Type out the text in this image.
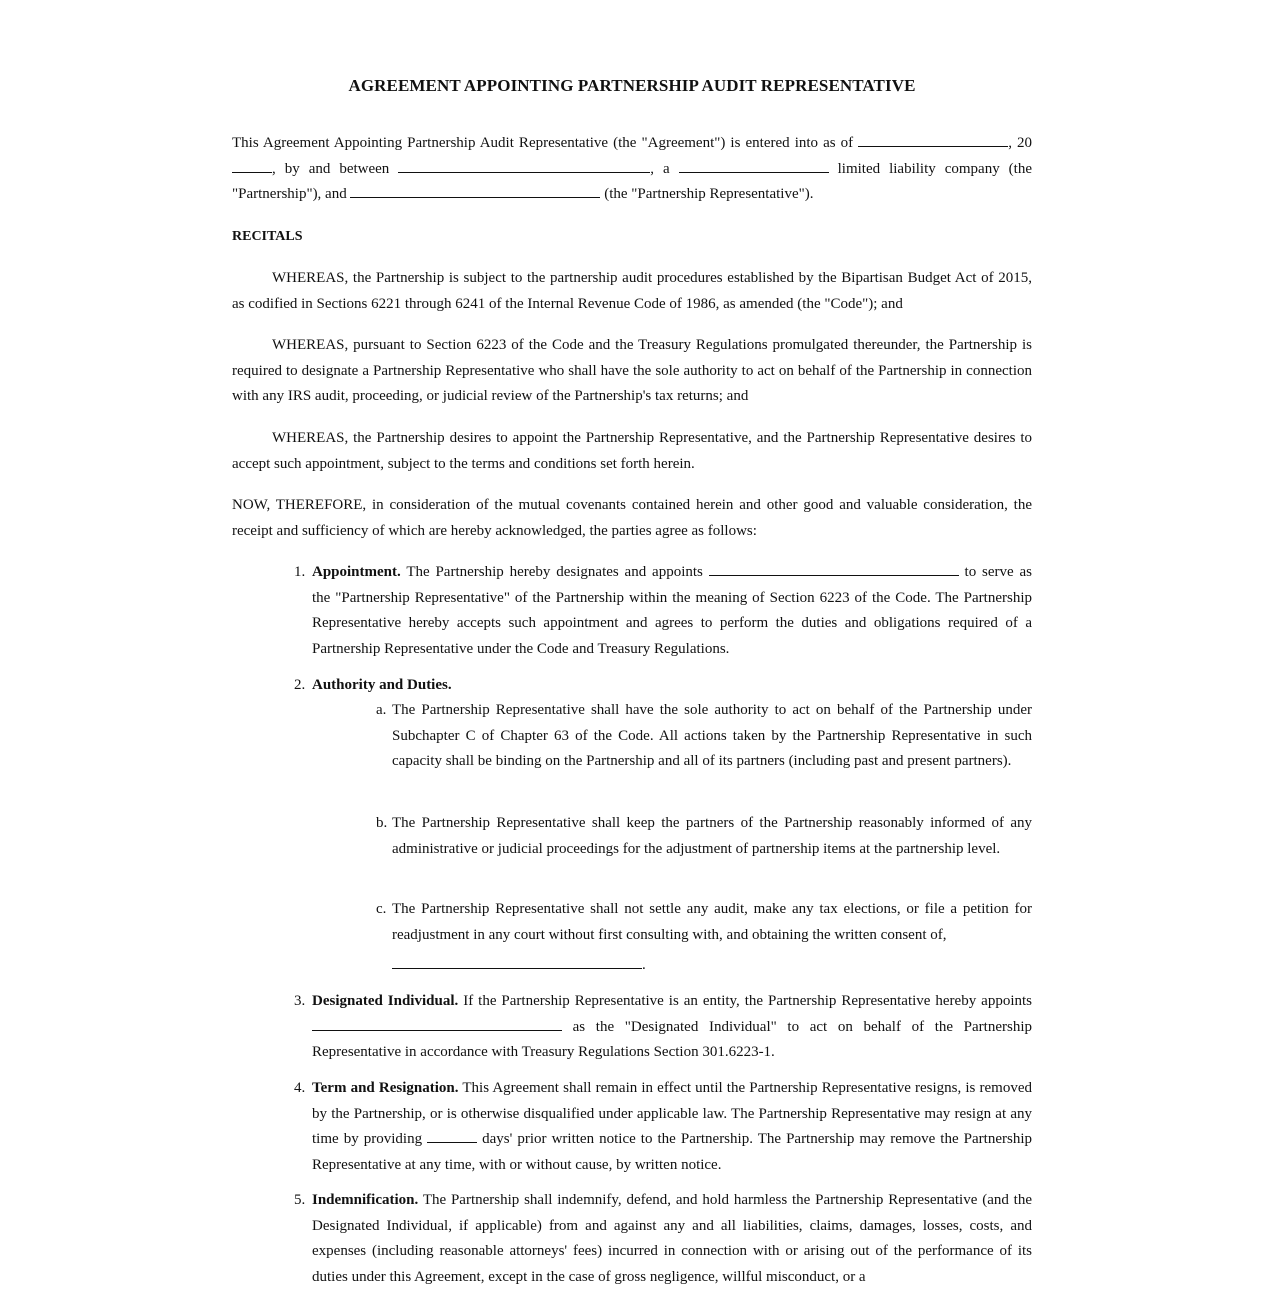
AGREEMENT APPOINTING PARTNERSHIP AUDIT REPRESENTATIVE

This Agreement Appointing Partnership Audit Representative (the "Agreement") is entered into as of	, 20, by and between	, a	limited liability company (the "Partnership"), and	(the "Partnership Representative").

RECITALS

WHEREAS, the Partnership is subject to the partnership audit procedures established by the Bipartisan Budget Act of 2015, as codified in Sections 6221 through 6241 of the Internal Revenue Code of 1986, as amended (the "Code"); and

WHEREAS, pursuant to Section 6223 of the Code and the Treasury Regulations promulgated thereunder, the Partnership is required to designate a Partnership Representative who shall have the sole authority to act on behalf of the Partnership in connection with any IRS audit, proceeding, or judicial review of the Partnership's tax returns; and

WHEREAS, the Partnership desires to appoint the Partnership Representative, and the Partnership Representative desires to accept such appointment, subject to the terms and conditions set forth herein.

NOW, THEREFORE, in consideration of the mutual covenants contained herein and other good and valuable consideration, the receipt and sufficiency of which are hereby acknowledged, the parties agree as follows:

1. Appointment. The Partnership hereby designates and appoints	to serve as the "Partnership Representative" of the Partnership within the meaning of Section 6223 of the Code. The Partnership Representative hereby accepts such appointment and agrees to perform the duties and obligations required of a Partnership Representative under the Code and Treasury Regulations.
2. Authority and Duties.
a. The Partnership Representative shall have the sole authority to act on behalf of the Partnership under Subchapter C of Chapter 63 of the Code. All actions taken by the Partnership Representative in such capacity shall be binding on the Partnership and all of its partners (including past and present partners).
b. The Partnership Representative shall keep the partners of the Partnership reasonably informed of any administrative or judicial proceedings for the adjustment of partnership items at the partnership level.
c. The Partnership Representative shall not settle any audit, make any tax elections, or file a petition for readjustment in any court without first consulting with, and obtaining the written consent of,
.
3. Designated Individual. If the Partnership Representative is an entity, the Partnership Representative hereby appoints  as the "Designated Individual" to act on behalf of the Partnership Representative in accordance with Treasury Regulations Section 301.6223-1.
4. Term and Resignation. This Agreement shall remain in effect until the Partnership Representative resigns, is removed by the Partnership, or is otherwise disqualified under applicable law. The Partnership Representative may resign at any time by providing	days' prior written notice to the Partnership. The Partnership may remove the Partnership Representative at any time, with or without cause, by written notice.
5. Indemnification. The Partnership shall indemnify, defend, and hold harmless the Partnership Representative (and the Designated Individual, if applicable) from and against any and all liabilities, claims, damages, losses, costs, and expenses (including reasonable attorneys' fees) incurred in connection with or arising out of the performance of its duties under this Agreement, except in the case of gross negligence, willful misconduct, or a
